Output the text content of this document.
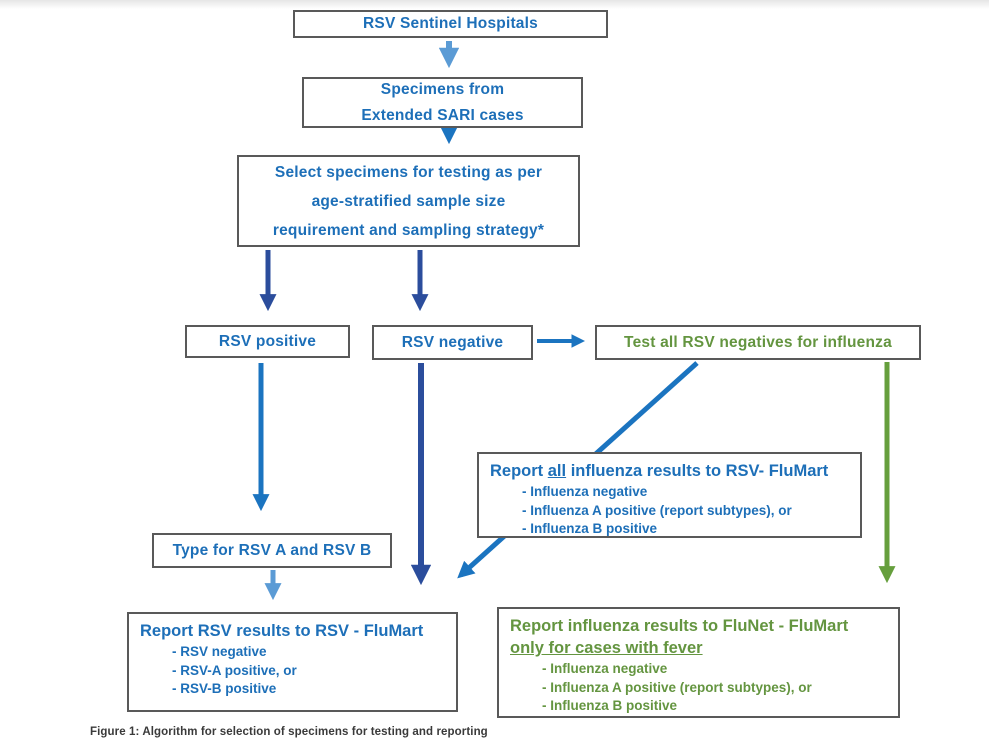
RSV Sentinel Hospitals
Specimens from
Extended SARI cases
Select specimens for testing as per
age-stratified sample size
requirement and sampling strategy*
RSV positive	RSV negative	Test all RSV negatives for influenza
Report all influenza results to RSV- FluMart
- Influenza negative
- Influenza A positive (report subtypes), or
- Influenza B positive
Type for RSV A and RSV B
Report RSV results to RSV - FluMart
- RSV negative
- RSV-A positive, or
- RSV-B positive
Report influenza results to FluNet - FluMart
only for cases with fever
- Influenza negative
- Influenza A positive (report subtypes), or
- Influenza B positive
Figure 1: Algorithm for selection of specimens for testing and reporting
